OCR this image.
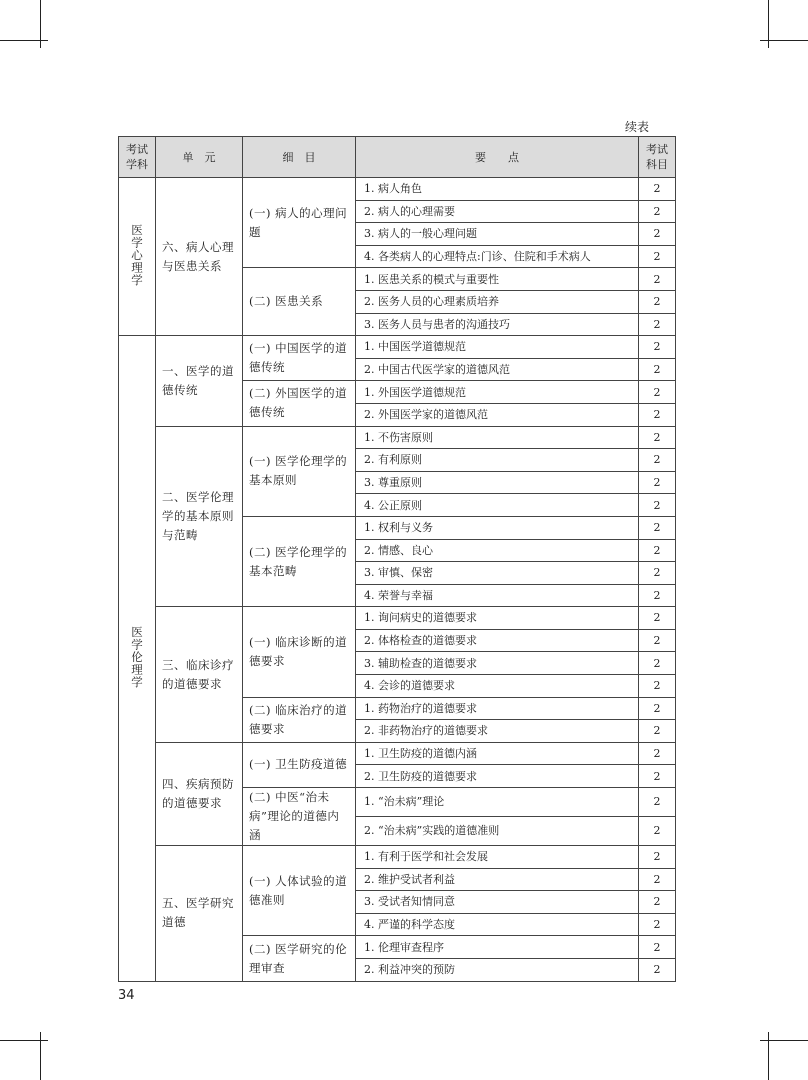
续表
考试学科	单　元	细　目	要　　点	考试科目
医学心理学	六、病人心理与医患关系	(一) 病人的心理问题	1. 病人角色	2
			2. 病人的心理需要	2
			3. 病人的一般心理问题	2
			4. 各类病人的心理特点:门诊、住院和手术病人	2
		(二) 医患关系	1. 医患关系的模式与重要性	2
			2. 医务人员的心理素质培养	2
			3. 医务人员与患者的沟通技巧	2
医学伦理学	一、医学的道德传统	(一) 中国医学的道德传统	1. 中国医学道德规范	2
			2. 中国古代医学家的道德风范	2
		(二) 外国医学的道德传统	1. 外国医学道德规范	2
			2. 外国医学家的道德风范	2
	二、医学伦理学的基本原则与范畴	(一) 医学伦理学的基本原则	1. 不伤害原则	2
			2. 有利原则	2
			3. 尊重原则	2
			4. 公正原则	2
		(二) 医学伦理学的基本范畴	1. 权利与义务	2
			2. 情感、良心	2
			3. 审慎、保密	2
			4. 荣誉与幸福	2
	三、临床诊疗的道德要求	(一) 临床诊断的道德要求	1. 询问病史的道德要求	2
			2. 体格检查的道德要求	2
			3. 辅助检查的道德要求	2
			4. 会诊的道德要求	2
		(二) 临床治疗的道德要求	1. 药物治疗的道德要求	2
			2. 非药物治疗的道德要求	2
	四、疾病预防的道德要求	(一) 卫生防疫道德	1. 卫生防疫的道德内涵	2
			2. 卫生防疫的道德要求	2
		(二) 中医“治未病”理论的道德内涵	1. “治未病”理论	2
			2. “治未病”实践的道德准则	2
	五、医学研究道德	(一) 人体试验的道德准则	1. 有利于医学和社会发展	2
			2. 维护受试者利益	2
			3. 受试者知情同意	2
			4. 严谨的科学态度	2
		(二) 医学研究的伦理审查	1. 伦理审查程序	2
			2. 利益冲突的预防	2
34
